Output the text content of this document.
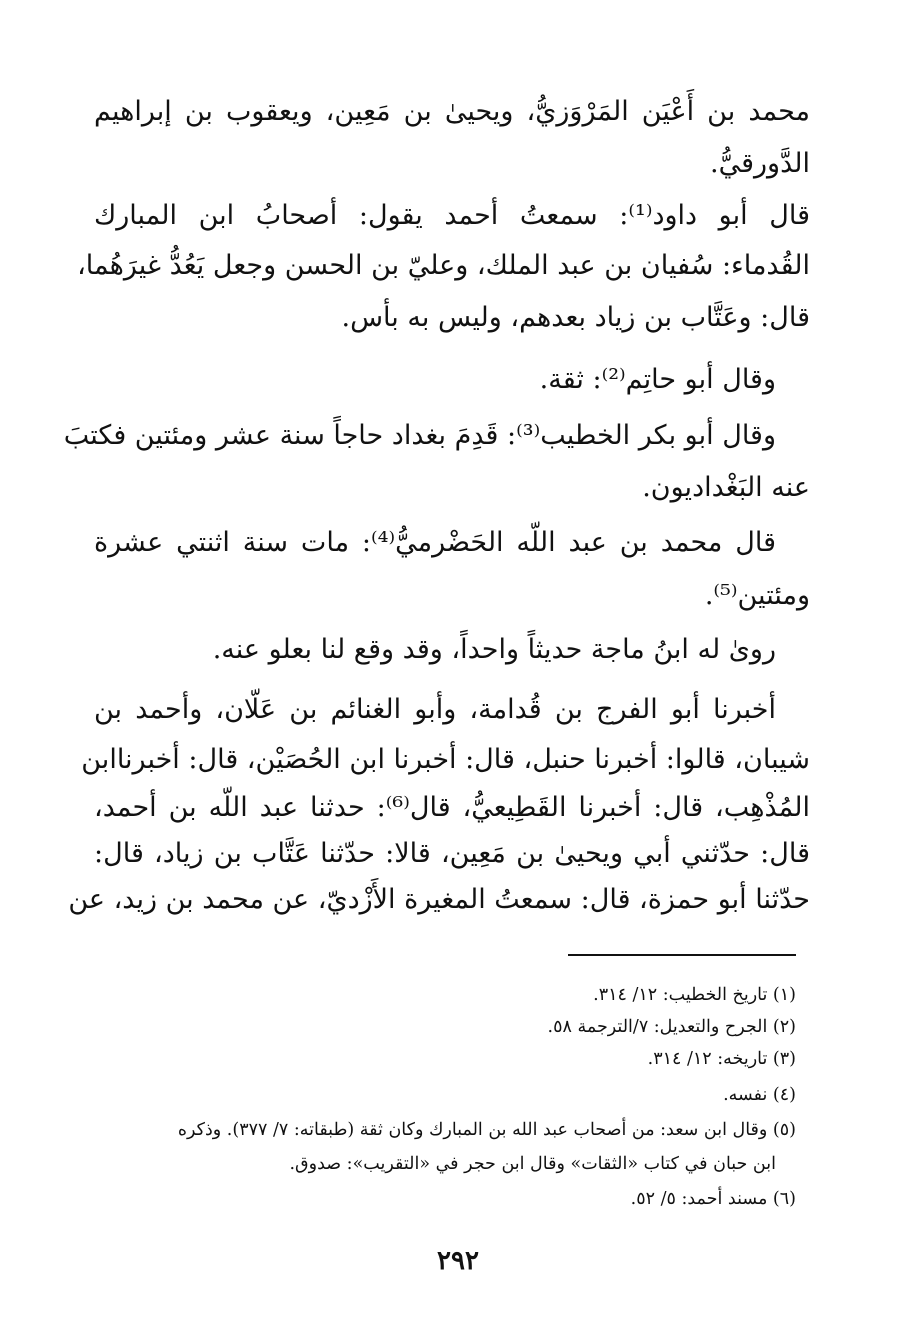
محمد بن أَعْيَن المَرْوَزيُّ، ويحيىٰ بن مَعِين، ويعقوب بن إبراهيم
الدَّورقيُّ.
قال أبو داود⁽¹⁾: سمعتُ أحمد يقول: أصحابُ ابن المبارك
القُدماء: سُفيان بن عبد الملك، وعليّ بن الحسن وجعل يَعُدُّ غيرَهُما،
قال: وعَتَّاب بن زياد بعدهم، وليس به بأس.
وقال أبو حاتِم⁽²⁾: ثقة.
وقال أبو بكر الخطيب⁽³⁾: قَدِمَ بغداد حاجاً سنة عشر ومئتين فكتبَ
عنه البَغْداديون.
قال محمد بن عبد اللّه الحَضْرميُّ⁽⁴⁾: مات سنة اثنتي عشرة
ومئتين⁽⁵⁾.
روىٰ له ابنُ ماجة حديثاً واحداً، وقد وقع لنا بعلو عنه.
أخبرنا أبو الفرج بن قُدامة، وأبو الغنائم بن عَلّان، وأحمد بن
شيبان، قالوا: أخبرنا حنبل، قال: أخبرنا ابن الحُصَيْن، قال: أخبرناابن
المُذْهِب، قال: أخبرنا القَطِيعيُّ، قال⁽⁶⁾: حدثنا عبد اللّه بن أحمد،
قال: حدّثني أبي ويحيىٰ بن مَعِين، قالا: حدّثنا عَتَّاب بن زياد، قال:
حدّثنا أبو حمزة، قال: سمعتُ المغيرة الأَزْديّ، عن محمد بن زيد، عن
(١) تاريخ الخطيب: ١٢/ ٣١٤.
(٢) الجرح والتعديل: ٧/الترجمة ٥٨.
(٣) تاريخه: ١٢/ ٣١٤.
(٤) نفسه.
(٥) وقال ابن سعد: من أصحاب عبد الله بن المبارك وكان ثقة (طبقاته: ٧/ ٣٧٧). وذكره
ابن حبان في كتاب «الثقات» وقال ابن حجر في «التقريب»: صدوق.
(٦) مسند أحمد: ٥/ ٥٢.
٢٩٢
